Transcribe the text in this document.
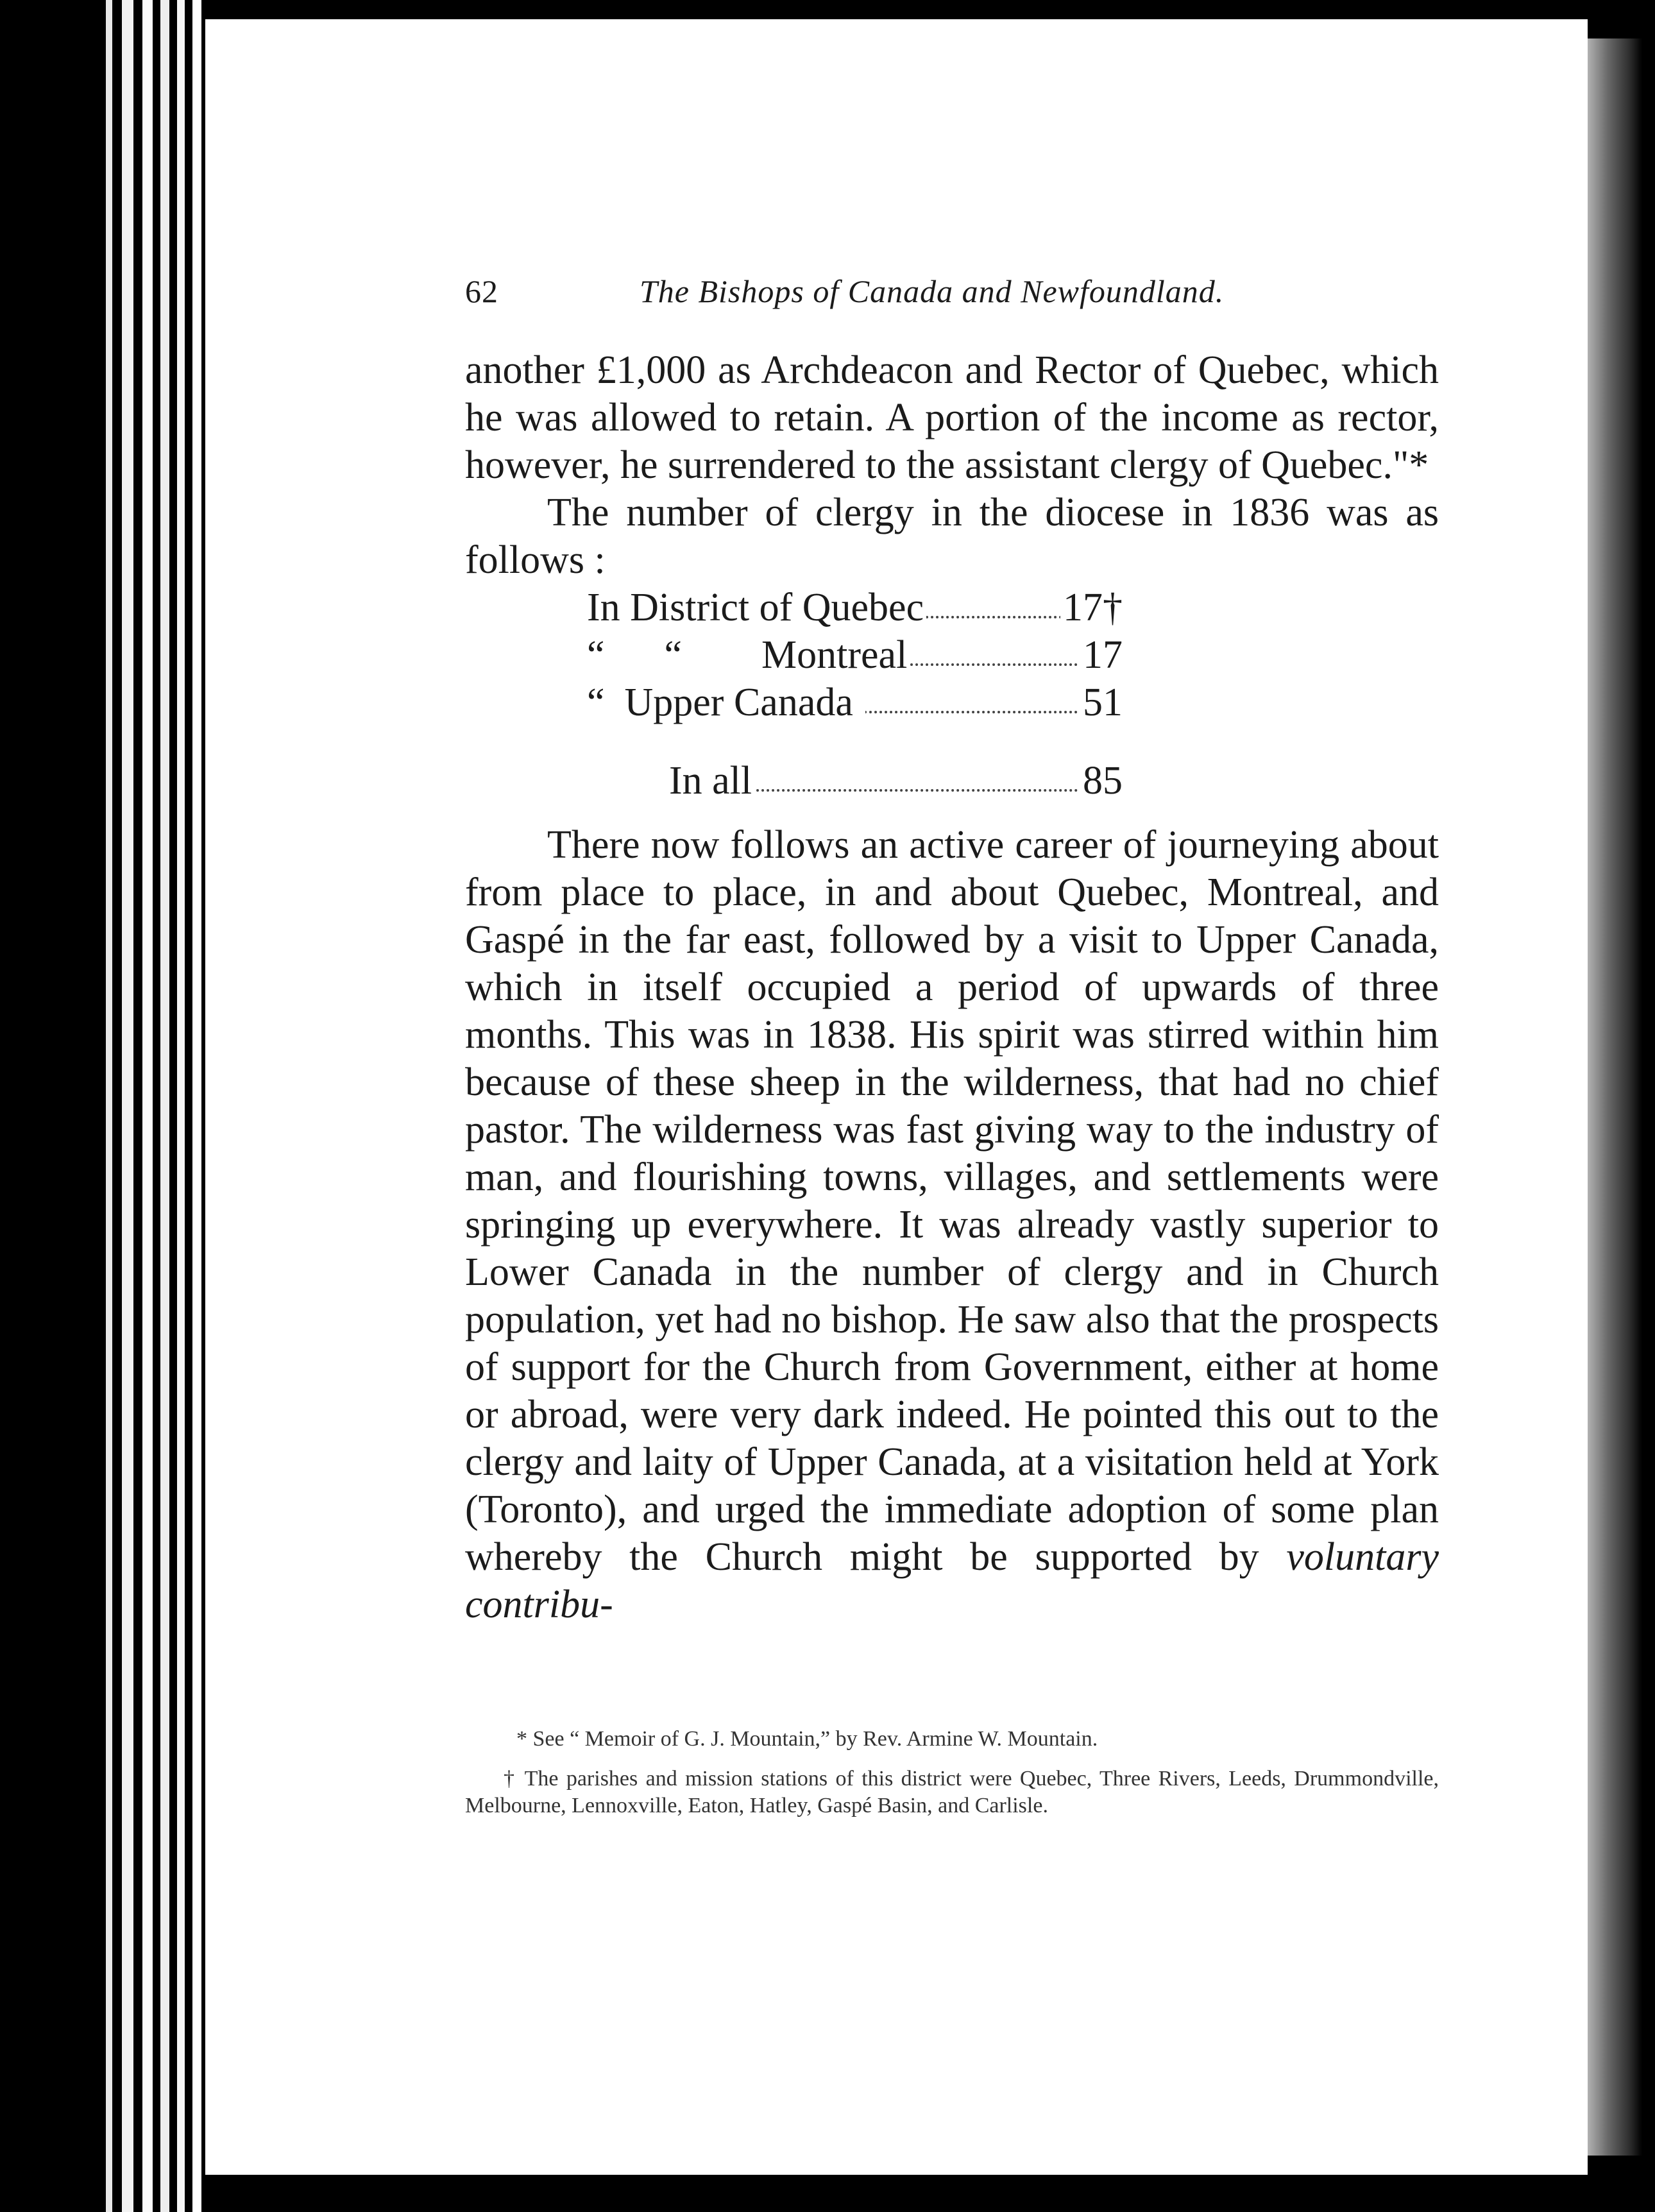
62	The Bishops of Canada and Newfoundland.

another £1,000 as Archdeacon and Rector of Quebec, which he was allowed to retain. A portion of the income as rector, however, he surrendered to the assistant clergy of Quebec."*

The number of clergy in the diocese in 1836 was as follows :

In District of Quebec	17†
“      “        Montreal	17
“  Upper Canada	51
In all	85

There now follows an active career of journeying about from place to place, in and about Quebec, Montreal, and Gaspé in the far east, followed by a visit to Upper Canada, which in itself occupied a period of upwards of three months. This was in 1838. His spirit was stirred within him because of these sheep in the wilderness, that had no chief pastor. The wilderness was fast giving way to the industry of man, and flourishing towns, villages, and settlements were springing up everywhere. It was already vastly superior to Lower Canada in the number of clergy and in Church population, yet had no bishop. He saw also that the prospects of support for the Church from Government, either at home or abroad, were very dark indeed. He pointed this out to the clergy and laity of Upper Canada, at a visitation held at York (Toronto), and urged the immediate adoption of some plan whereby the Church might be supported by voluntary contribu-

* See “ Memoir of G. J. Mountain,” by Rev. Armine W. Mountain.

† The parishes and mission stations of this district were Quebec, Three Rivers, Leeds, Drummondville, Melbourne, Lennoxville, Eaton, Hatley, Gaspé Basin, and Carlisle.
